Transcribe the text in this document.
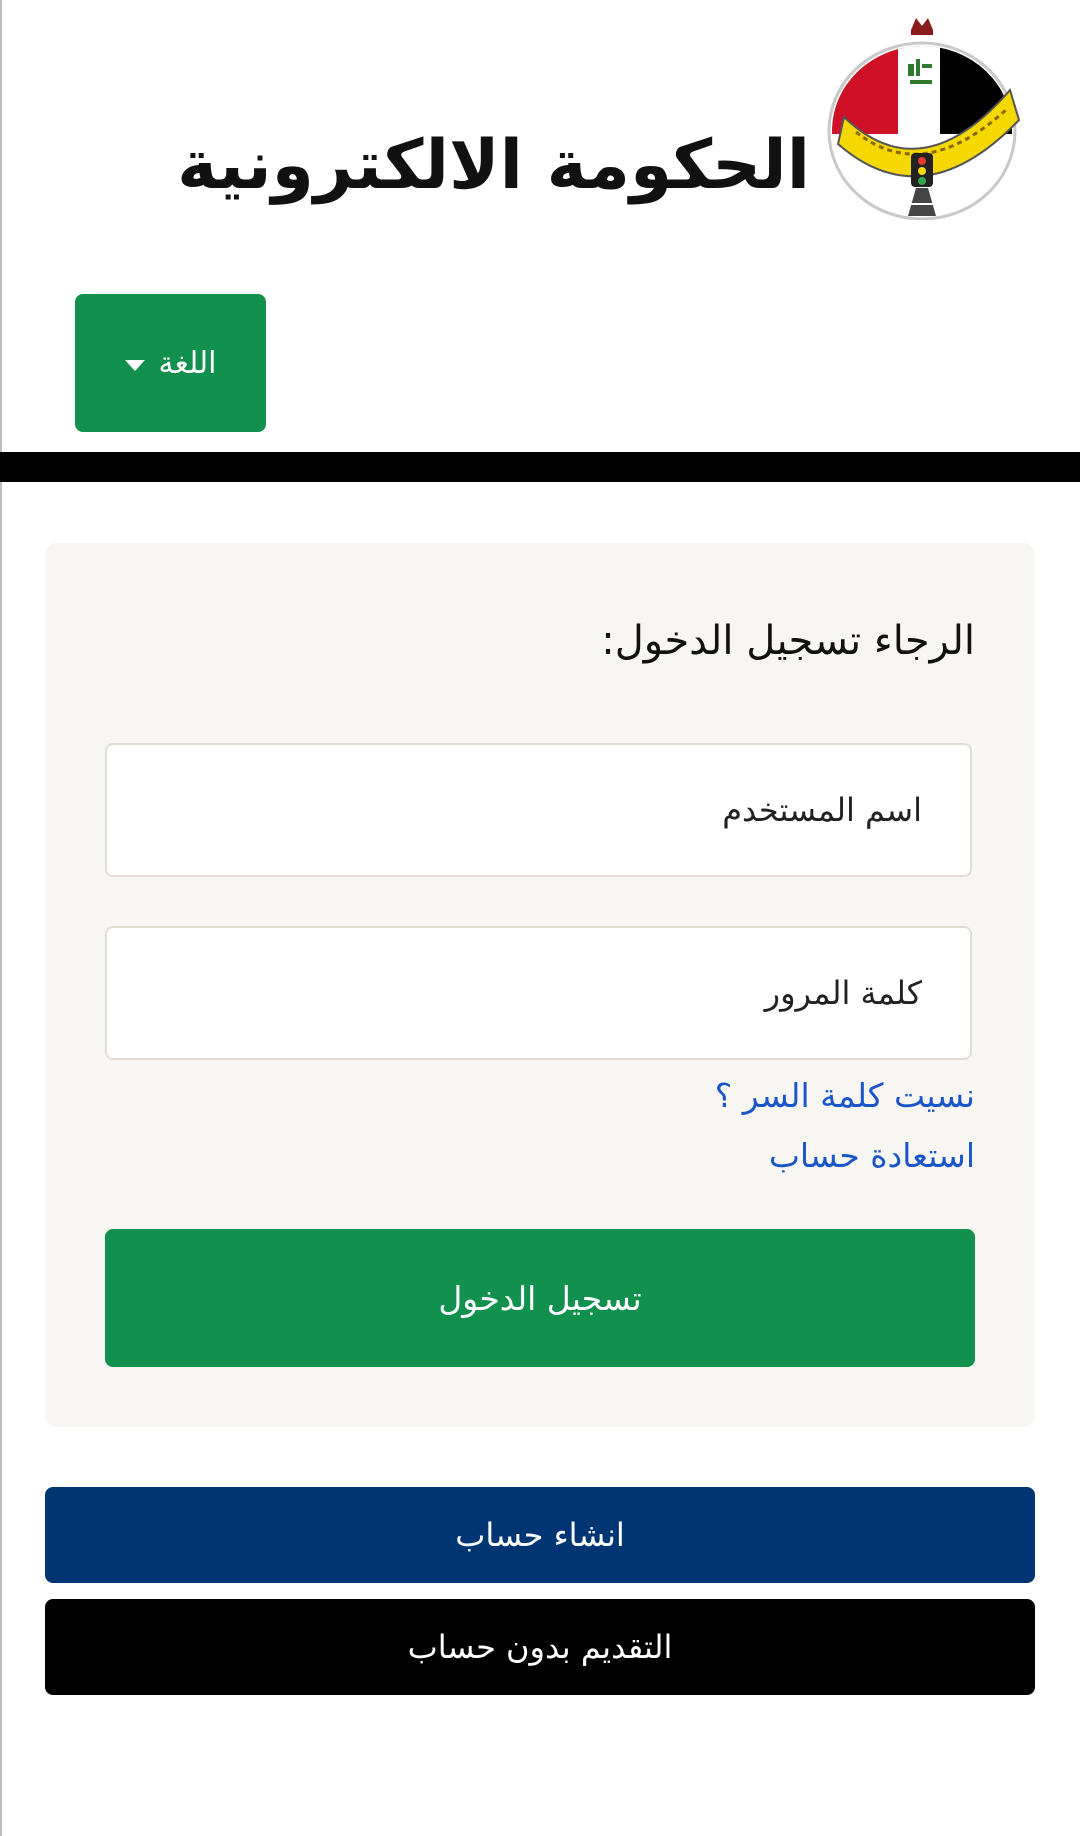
الحكومة الالكترونية
اللغة
الرجاء تسجيل الدخول:
اسم المستخدم
نسيت كلمة السر ؟
استعادة حساب
تسجيل الدخول
انشاء حساب
التقديم بدون حساب
